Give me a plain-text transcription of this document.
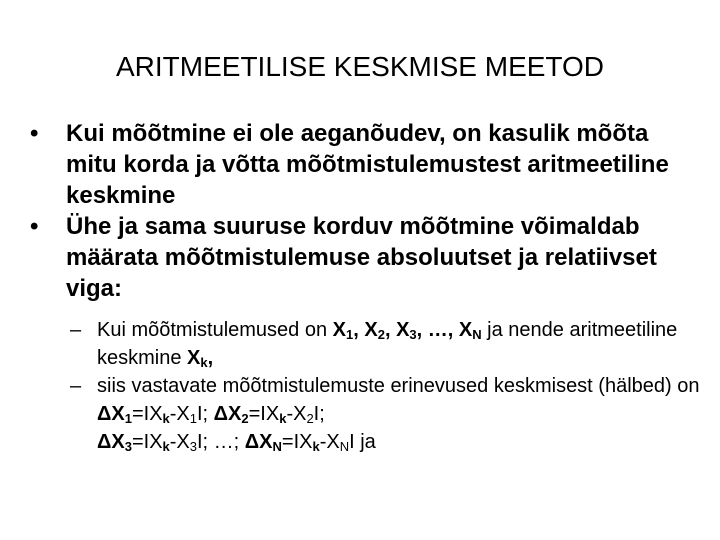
ARITMEETILISE KESKMISE MEETOD
•	Kui mõõtmine ei ole aeganõudev, on kasulik mõõta mitu korda ja võtta mõõtmistulemustest aritmeetiline keskmine
•	Ühe ja sama suuruse korduv mõõtmine võimaldab määrata mõõtmistulemuse absoluutset ja relatiivset viga:
– Kui mõõtmistulemused on $X_1$, $X_2$, $X_3$, …, $X_N$ ja nende aritmeetiline keskmine $X_k$,
– siis vastavate mõõtmistulemuste erinevused keskmisest (hälbed) on $\Delta X_1=IX_k-X_1I$; $\Delta X_2=IX_k-X_2I$;
$\Delta X_3=IX_k-X_3I$; …; $\Delta X_N=IX_k-X_NI$ ja
